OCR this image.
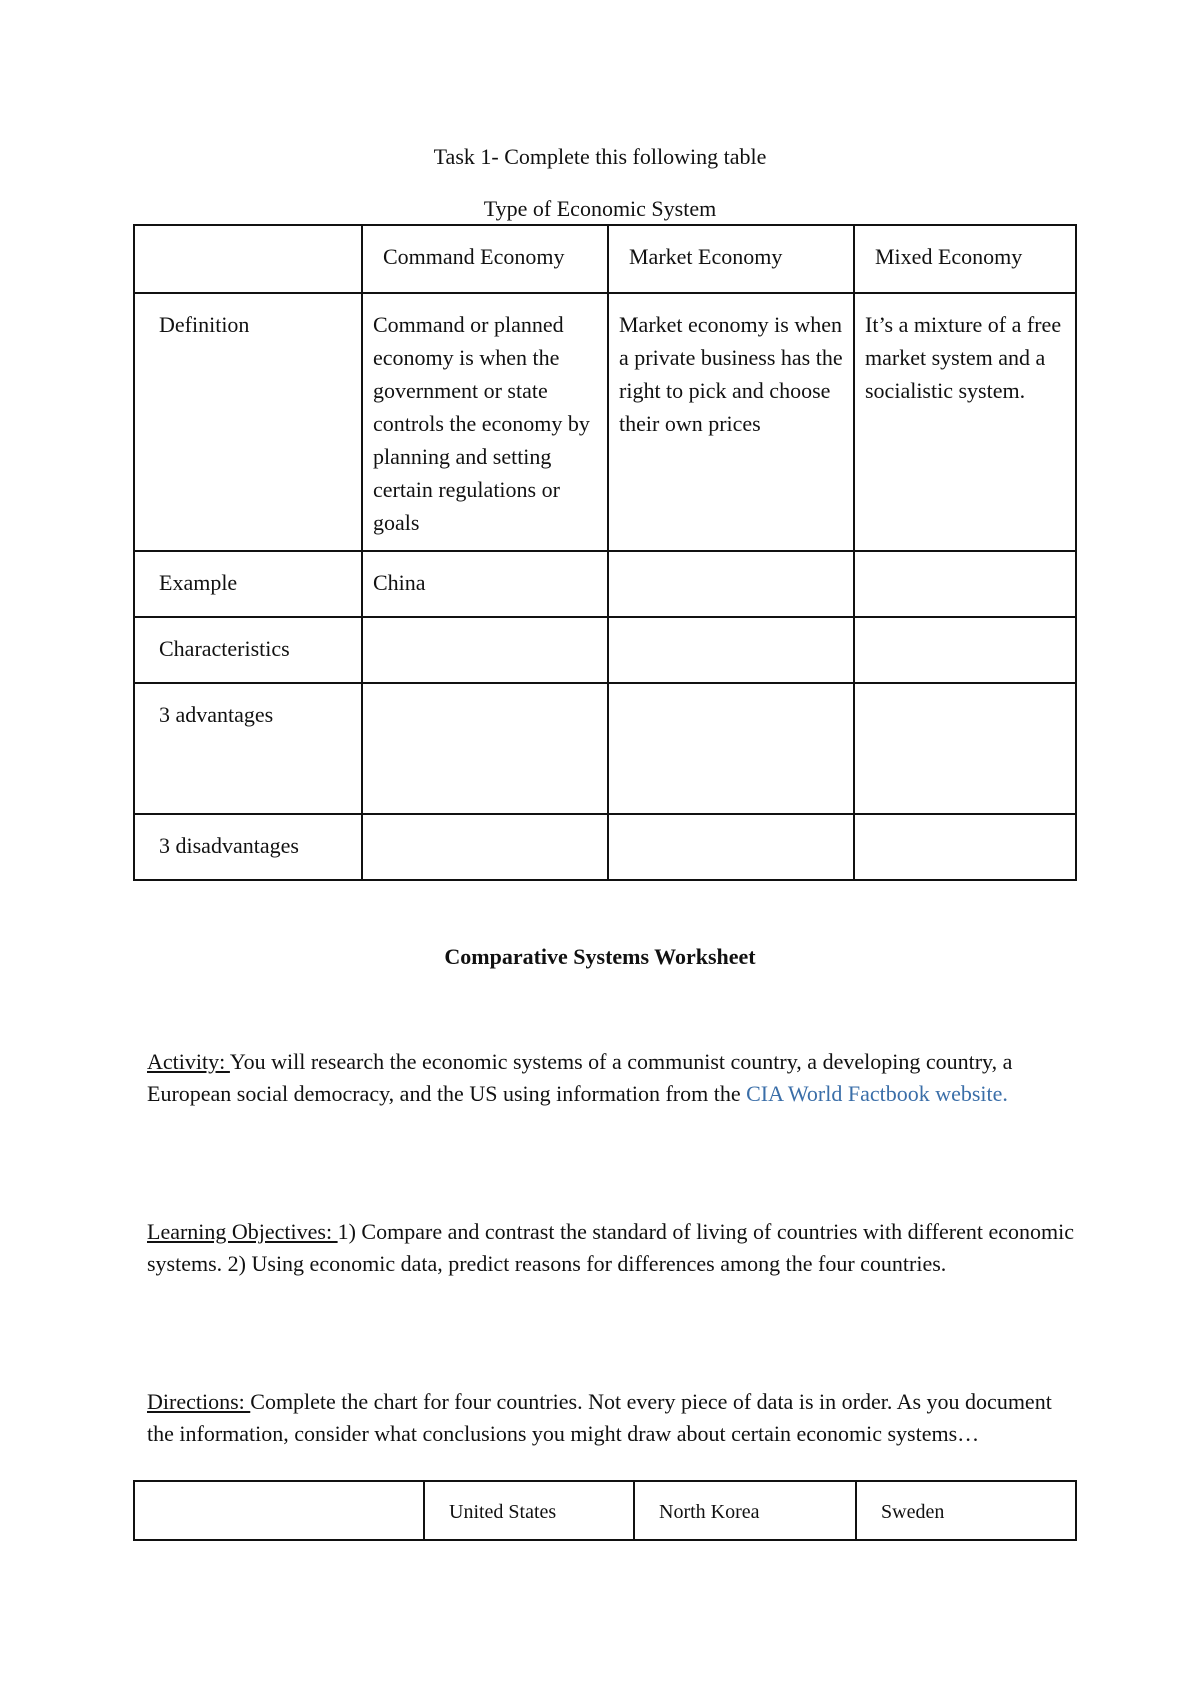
Task 1- Complete this following table
Type of Economic System
	Command Economy	Market Economy	Mixed Economy
Definition	Command or planned economy is when the government or state controls the economy by planning and setting certain regulations or goals	Market economy is when a private business has the right to pick and choose their own prices	It’s a mixture of a free market system and a socialistic system.
Example	China		
Characteristics			
3 advantages			
3 disadvantages			
Comparative Systems Worksheet
Activity: You will research the economic systems of a communist country, a developing country, a European social democracy, and the US using information from the CIA World Factbook website.
Learning Objectives: 1) Compare and contrast the standard of living of countries with different economic systems. 2) Using economic data, predict reasons for differences among the four countries.
Directions: Complete the chart for four countries. Not every piece of data is in order. As you document the information, consider what conclusions you might draw about certain economic systems…
	United States	North Korea	Sweden
